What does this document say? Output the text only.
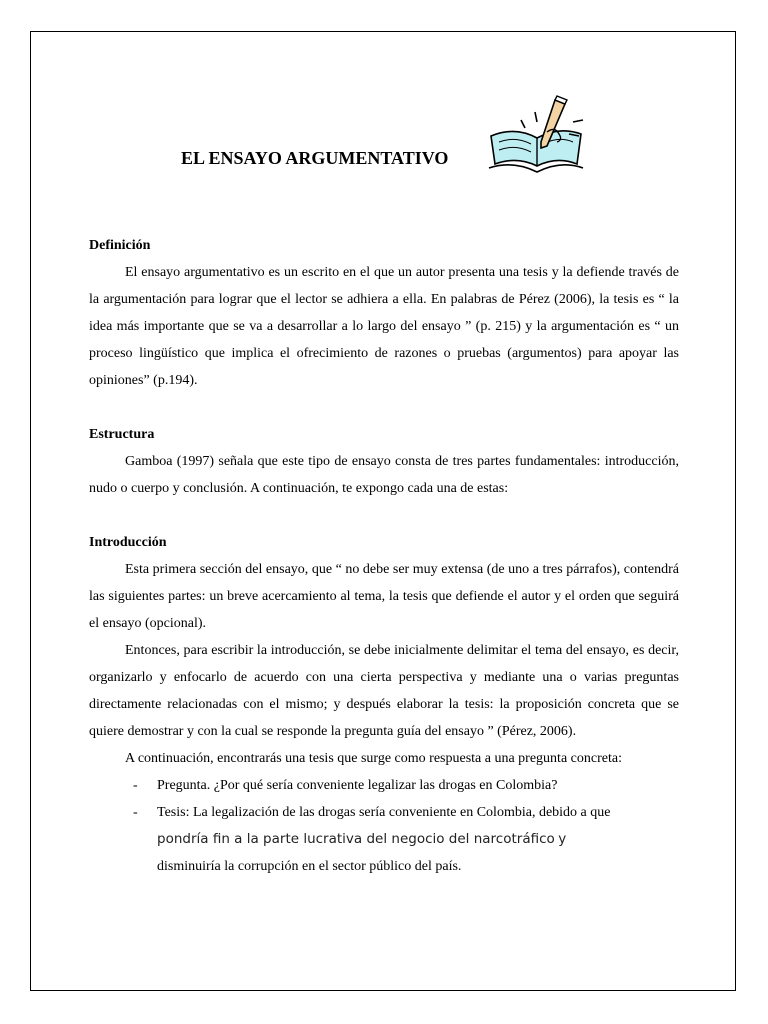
EL ENSAYO ARGUMENTATIVO

Definición

El ensayo argumentativo es un escrito en el que un autor presenta una tesis y la defiende través de la argumentación para lograr que el lector se adhiera a ella. En palabras de Pérez (2006), la tesis es “ la idea más importante que se va a desarrollar a lo largo del ensayo ” (p. 215) y la argumentación es “ un proceso lingüístico que implica el ofrecimiento de razones o pruebas (argumentos) para apoyar las opiniones” (p.194).

Estructura

Gamboa (1997) señala que este tipo de ensayo consta de tres partes fundamentales: introducción, nudo o cuerpo y conclusión. A continuación, te expongo cada una de estas:

Introducción

Esta primera sección del ensayo, que “ no debe ser muy extensa (de uno a tres párrafos), contendrá las siguientes partes: un breve acercamiento al tema, la tesis que defiende el autor y el orden que seguirá el ensayo (opcional).

Entonces, para escribir la introducción, se debe inicialmente delimitar el tema del ensayo, es decir, organizarlo y enfocarlo de acuerdo con una cierta perspectiva y mediante una o varias preguntas directamente relacionadas con el mismo; y después elaborar la tesis: la proposición concreta que se quiere demostrar y con la cual se responde la pregunta guía del ensayo ” (Pérez, 2006).

A continuación, encontrarás una tesis que surge como respuesta a una pregunta concreta:

- Pregunta. ¿Por qué sería conveniente legalizar las drogas en Colombia?
- Tesis: La legalización de las drogas sería conveniente en Colombia, debido a que
pondría fin a la parte lucrativa del negocio del narcotráfico y
disminuiría la corrupción en el sector público del país.
